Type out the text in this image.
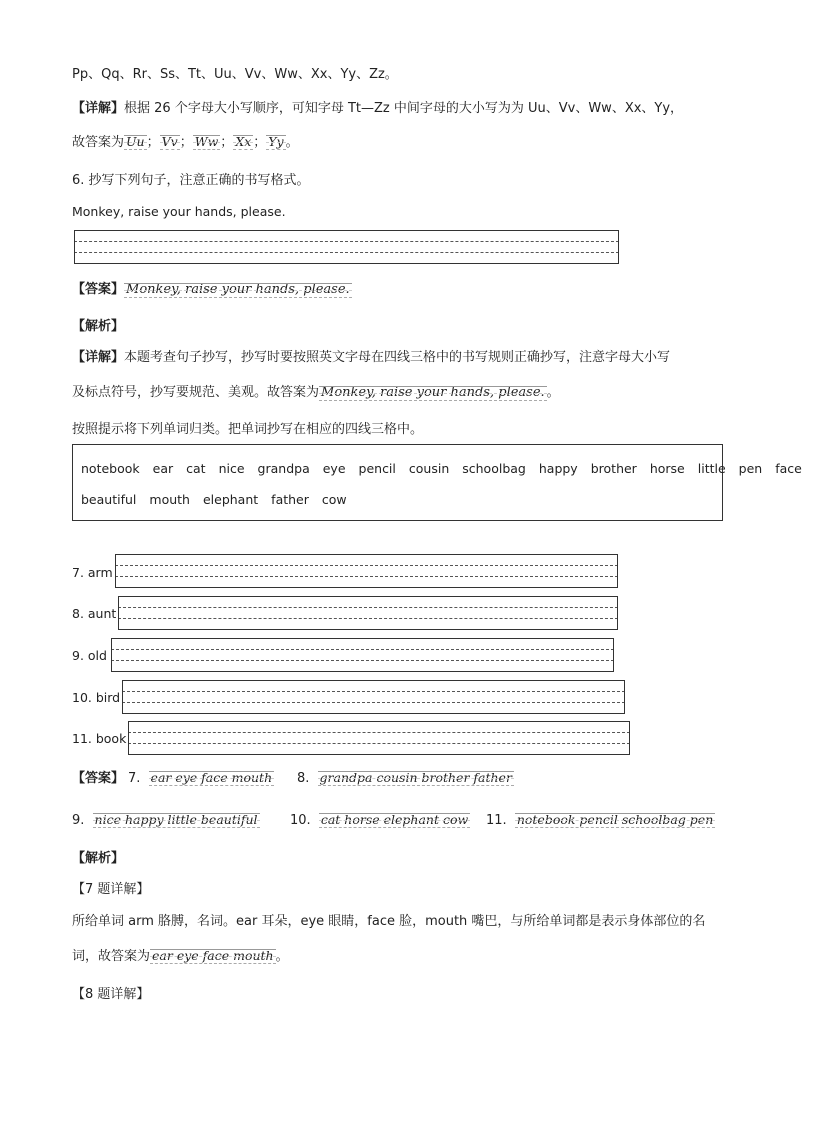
Pp、Qq、Rr、Ss、Tt、Uu、Vv、Ww、Xx、Yy、Zz。
【详解】根据 26 个字母大小写顺序，可知字母 Tt—Zz 中间字母的大小写为为 Uu、Vv、Ww、Xx、Yy，
故答案为 Uu ； Vv ； Ww ； Xx ； Yy 。
6. 抄写下列句子，注意正确的书写格式。
Monkey, raise your hands, please.
【答案】 Monkey, raise your hands, please.
【解析】
【详解】本题考查句子抄写，抄写时要按照英文字母在四线三格中的书写规则正确抄写，注意字母大小写
及标点符号，抄写要规范、美观。故答案为 Monkey, raise your hands, please. 。
按照提示将下列单词归类。把单词抄写在相应的四线三格中。
notebook ear cat nice grandpa eye pencil cousin schoolbag happy brother horse little pen face
beautiful mouth elephant father cow
7. arm
8. aunt
9. old
10. bird
11. book
【答案】 7. ear eye face mouth 8. grandpa cousin brother father
9. nice happy little beautiful 10. cat horse elephant cow 11. notebook pencil schoolbag pen
【解析】
【7 题详解】
所给单词 arm 胳膊，名词。ear 耳朵，eye 眼睛，face 脸，mouth 嘴巴，与所给单词都是表示身体部位的名
词，故答案为 ear eye face mouth 。
【8 题详解】
